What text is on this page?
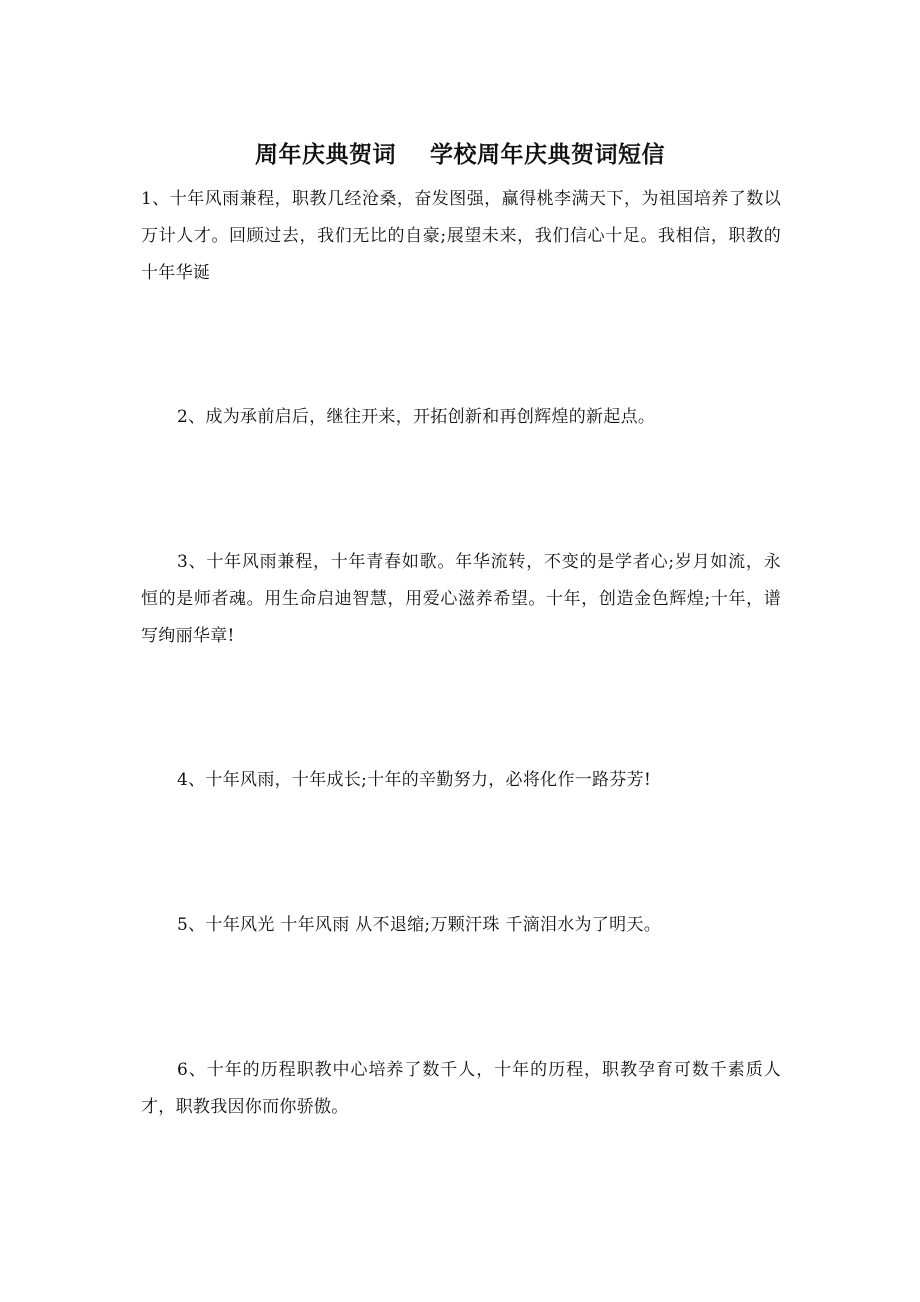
周年庆典贺词    学校周年庆典贺词短信

1、十年风雨兼程，职教几经沧桑，奋发图强，赢得桃李满天下，为祖国培养了数以万计人才。回顾过去，我们无比的自豪;展望未来，我们信心十足。我相信，职教的十年华诞

2、成为承前启后，继往开来，开拓创新和再创辉煌的新起点。

3、十年风雨兼程，十年青春如歌。年华流转，不变的是学者心;岁月如流，永恒的是师者魂。用生命启迪智慧，用爱心滋养希望。十年，创造金色辉煌;十年，谱写绚丽华章!

4、十年风雨，十年成长;十年的辛勤努力，必将化作一路芬芳!

5、十年风光 十年风雨 从不退缩;万颗汗珠 千滴泪水为了明天。

6、十年的历程职教中心培养了数千人，十年的历程，职教孕育可数千素质人才，职教我因你而你骄傲。
